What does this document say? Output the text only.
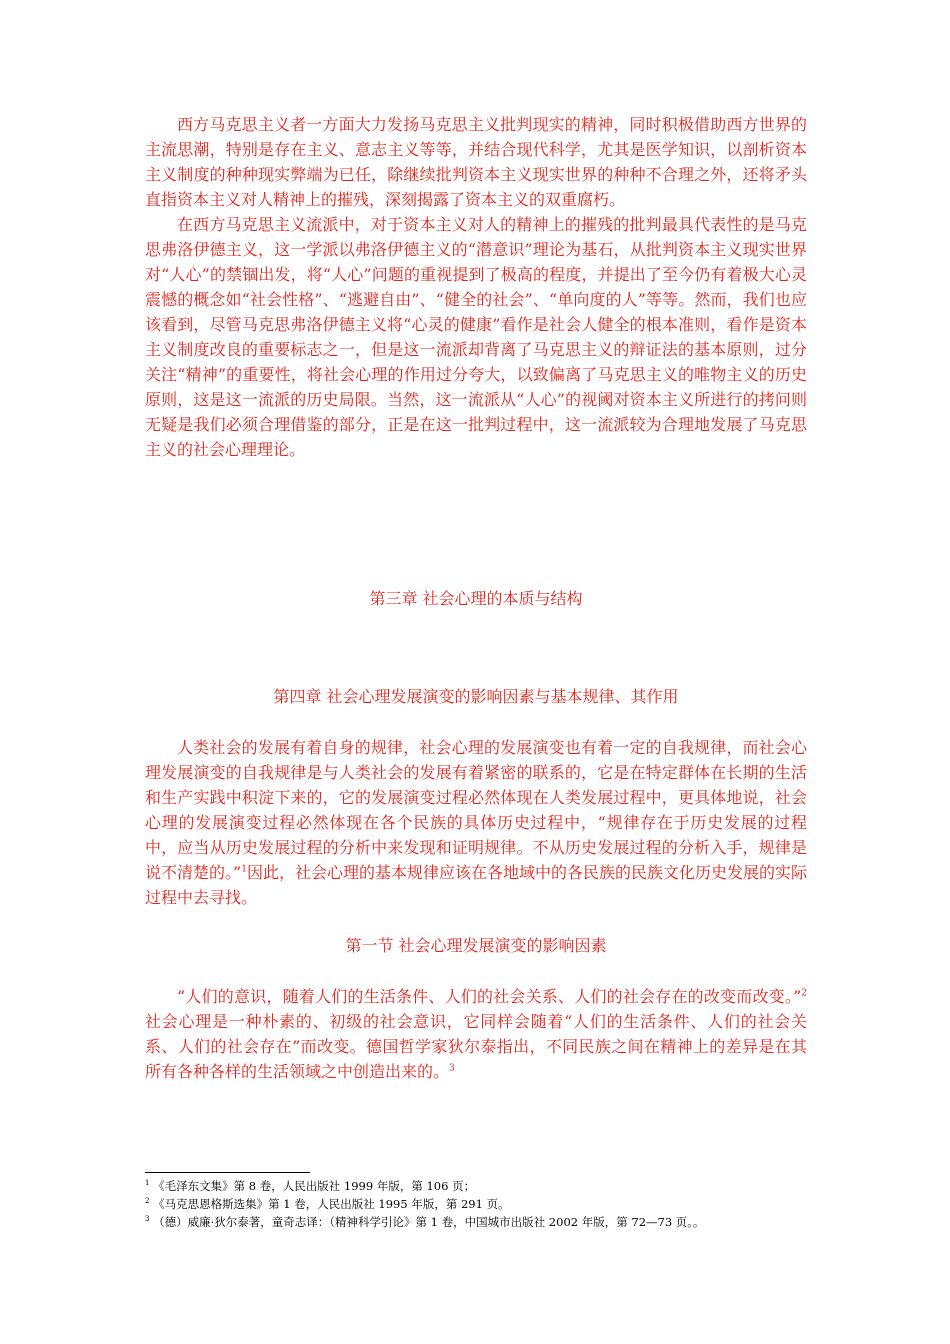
西方马克思主义者一方面大力发扬马克思主义批判现实的精神，同时积极借助西方世界的主流思潮，特别是存在主义、意志主义等等，并结合现代科学，尤其是医学知识，以剖析资本主义制度的种种现实弊端为已任，除继续批判资本主义现实世界的种种不合理之外，还将矛头直指资本主义对人精神上的摧残，深刻揭露了资本主义的双重腐朽。

在西方马克思主义流派中，对于资本主义对人的精神上的摧残的批判最具代表性的是马克思弗洛伊德主义，这一学派以弗洛伊德主义的“潜意识”理论为基石，从批判资本主义现实世界对“人心”的禁锢出发，将“人心”问题的重视提到了极高的程度，并提出了至今仍有着极大心灵震憾的概念如“社会性格”、“逃避自由”、“健全的社会”、“单向度的人”等等。然而，我们也应该看到，尽管马克思弗洛伊德主义将“心灵的健康”看作是社会人健全的根本准则，看作是资本主义制度改良的重要标志之一，但是这一流派却背离了马克思主义的辩证法的基本原则，过分关注“精神”的重要性，将社会心理的作用过分夸大，以致偏离了马克思主义的唯物主义的历史原则，这是这一流派的历史局限。当然，这一流派从“人心”的视阈对资本主义所进行的拷问则无疑是我们必须合理借鉴的部分，正是在这一批判过程中，这一流派较为合理地发展了马克思主义的社会心理理论。

第三章 社会心理的本质与结构

第四章 社会心理发展演变的影响因素与基本规律、其作用

人类社会的发展有着自身的规律，社会心理的发展演变也有着一定的自我规律，而社会心理发展演变的自我规律是与人类社会的发展有着紧密的联系的，它是在特定群体在长期的生活和生产实践中积淀下来的，它的发展演变过程必然体现在人类发展过程中，更具体地说，社会心理的发展演变过程必然体现在各个民族的具体历史过程中，“规律存在于历史发展的过程中，应当从历史发展过程的分析中来发现和证明规律。不从历史发展过程的分析入手，规律是说不清楚的。”$^1$因此，社会心理的基本规律应该在各地域中的各民族的民族文化历史发展的实际过程中去寻找。

第一节 社会心理发展演变的影响因素

“人们的意识，随着人们的生活条件、人们的社会关系、人们的社会存在的改变而改变。”$^2$社会心理是一种朴素的、初级的社会意识，它同样会随着“人们的生活条件、人们的社会关系、人们的社会存在”而改变。德国哲学家狄尔泰指出，不同民族之间在精神上的差异是在其所有各种各样的生活领域之中创造出来的。$^3$

$^1$ 《毛泽东文集》第 8 卷，人民出版社 1999 年版，第 106 页；

$^2$ 《马克思恩格斯选集》第 1 卷，人民出版社 1995 年版，第 291 页。

$^3$ （德）威廉·狄尔泰著，童奇志译：（精神科学引论》第 1 卷，中国城市出版社 2002 年版，第 72—73 页。。
